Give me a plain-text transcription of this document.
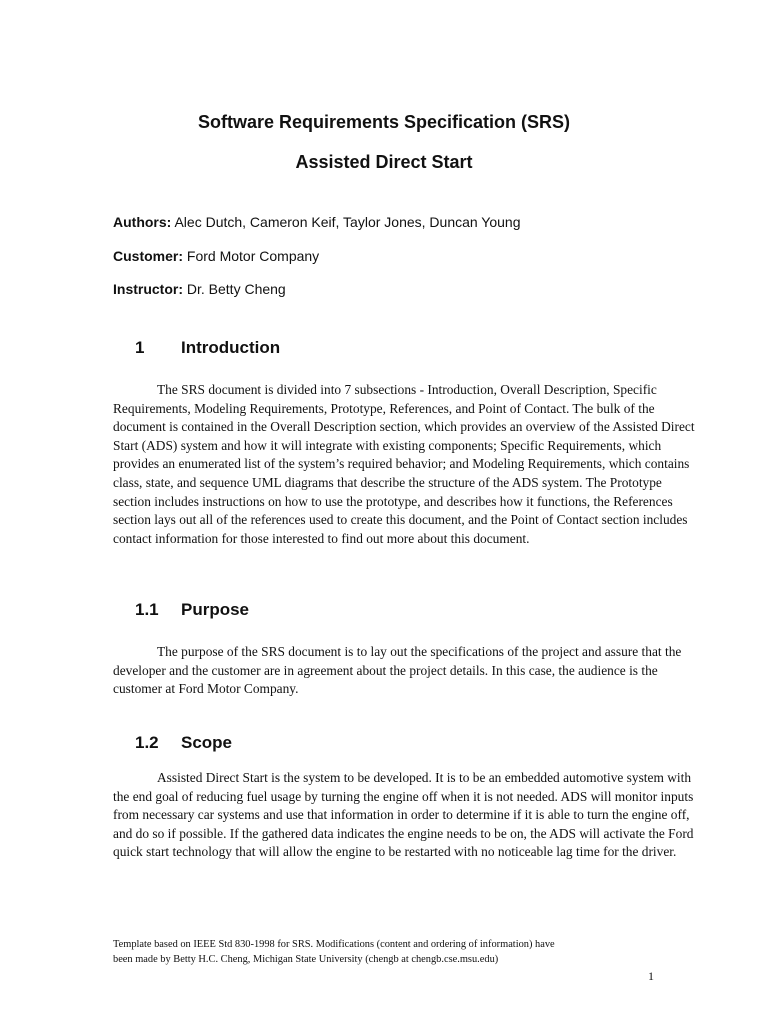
Software Requirements Specification (SRS)
Assisted Direct Start
Authors: Alec Dutch, Cameron Keif, Taylor Jones, Duncan Young
Customer: Ford Motor Company
Instructor: Dr. Betty Cheng
1 Introduction

The SRS document is divided into 7 subsections - Introduction, Overall Description, Specific Requirements, Modeling Requirements, Prototype, References, and Point of Contact. The bulk of the document is contained in the Overall Description section, which provides an overview of the Assisted Direct Start (ADS) system and how it will integrate with existing components; Specific Requirements, which provides an enumerated list of the system’s required behavior; and Modeling Requirements, which contains class, state, and sequence UML diagrams that describe the structure of the ADS system. The Prototype section includes instructions on how to use the prototype, and describes how it functions, the References section lays out all of the references used to create this document, and the Point of Contact section includes contact information for those interested to find out more about this document.

1.1 Purpose

The purpose of the SRS document is to lay out the specifications of the project and assure that the developer and the customer are in agreement about the project details. In this case, the audience is the customer at Ford Motor Company.

1.2 Scope

Assisted Direct Start is the system to be developed. It is to be an embedded automotive system with the end goal of reducing fuel usage by turning the engine off when it is not needed. ADS will monitor inputs from necessary car systems and use that information in order to determine if it is able to turn the engine off, and do so if possible. If the gathered data indicates the engine needs to be on, the ADS will activate the Ford quick start technology that will allow the engine to be restarted with no noticeable lag time for the driver.

Template based on IEEE Std 830-1998 for SRS. Modifications (content and ordering of information) have
been made by Betty H.C. Cheng, Michigan State University (chengb at chengb.cse.msu.edu)
1
